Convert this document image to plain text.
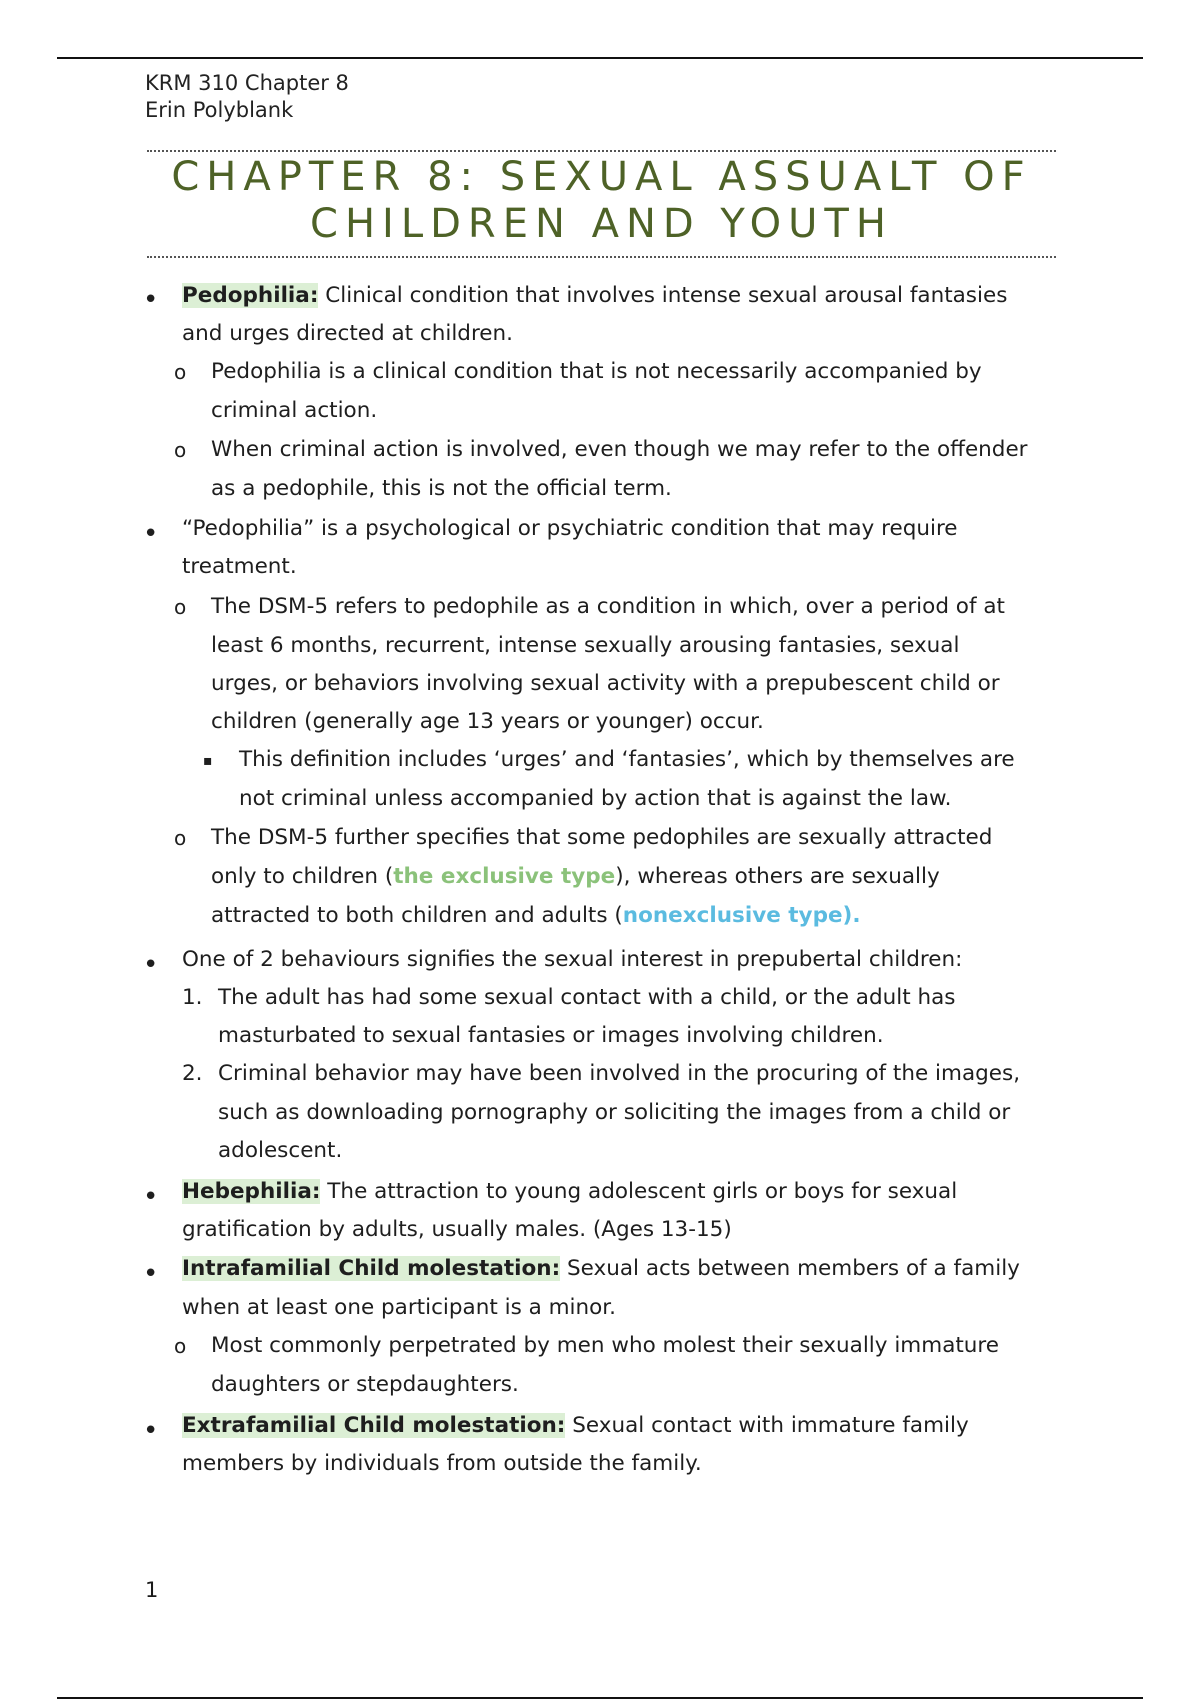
KRM 310 Chapter 8
Erin Polyblank
CHAPTER 8: SEXUAL ASSUALT OF
CHILDREN AND YOUTH
• Pedophilia: Clinical condition that involves intense sexual arousal fantasies
and urges directed at children.
o Pedophilia is a clinical condition that is not necessarily accompanied by
criminal action.
o When criminal action is involved, even though we may refer to the offender
as a pedophile, this is not the official term.
• “Pedophilia” is a psychological or psychiatric condition that may require
treatment.
o The DSM-5 refers to pedophile as a condition in which, over a period of at
least 6 months, recurrent, intense sexually arousing fantasies, sexual
urges, or behaviors involving sexual activity with a prepubescent child or
children (generally age 13 years or younger) occur.
▪ This definition includes ‘urges’ and ‘fantasies’, which by themselves are
not criminal unless accompanied by action that is against the law.
o The DSM-5 further specifies that some pedophiles are sexually attracted
only to children (the exclusive type), whereas others are sexually
attracted to both children and adults (nonexclusive type).
• One of 2 behaviours signifies the sexual interest in prepubertal children:
1. The adult has had some sexual contact with a child, or the adult has
masturbated to sexual fantasies or images involving children.
2. Criminal behavior may have been involved in the procuring of the images,
such as downloading pornography or soliciting the images from a child or
adolescent.
• Hebephilia: The attraction to young adolescent girls or boys for sexual
gratification by adults, usually males. (Ages 13-15)
• Intrafamilial Child molestation: Sexual acts between members of a family
when at least one participant is a minor.
o Most commonly perpetrated by men who molest their sexually immature
daughters or stepdaughters.
• Extrafamilial Child molestation: Sexual contact with immature family
members by individuals from outside the family.
1
